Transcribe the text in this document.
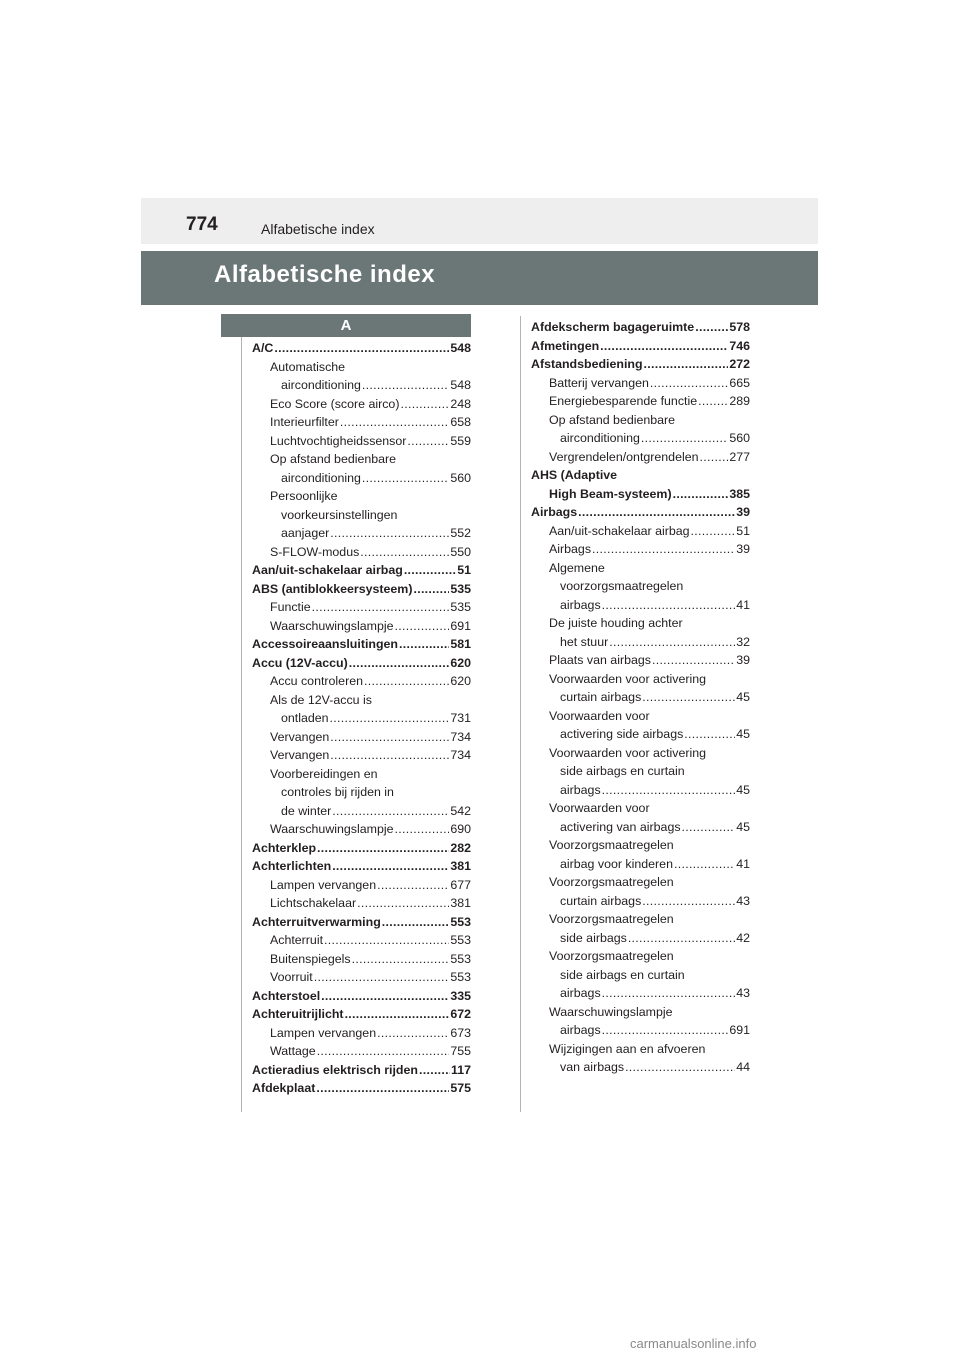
774	Alfabetische index
Alfabetische index
A
A/C .....	548
Automatische
airconditioning .....	548
Eco Score (score airco) .....	248
Interieurfilter .....	658
Luchtvochtigheidssensor .....	559
Op afstand bedienbare
airconditioning .....	560
Persoonlijke
voorkeursinstellingen
aanjager .....	552
S-FLOW-modus .....	550
Aan/uit-schakelaar airbag .....	51
ABS (antiblokkeersysteem) .....	535
Functie .....	535
Waarschuwingslampje .....	691
Accessoireaansluitingen .....	581
Accu (12V-accu) .....	620
Accu controleren .....	620
Als de 12V-accu is
ontladen .....	731
Vervangen .....	734
Vervangen .....	734
Voorbereidingen en
controles bij rijden in
de winter .....	542
Waarschuwingslampje .....	690
Achterklep .....	282
Achterlichten .....	381
Lampen vervangen .....	677
Lichtschakelaar .....	381
Achterruitverwarming .....	553
Achterruit .....	553
Buitenspiegels .....	553
Voorruit .....	553
Achterstoel .....	335
Achteruitrijlicht .....	672
Lampen vervangen .....	673
Wattage .....	755
Actieradius elektrisch rijden .....	117
Afdekplaat .....	575
Afdekscherm bagageruimte .....	578
Afmetingen .....	746
Afstandsbediening .....	272
Batterij vervangen .....	665
Energiebesparende functie .....	289
Op afstand bedienbare
airconditioning .....	560
Vergrendelen/ontgrendelen ..... 277
AHS (Adaptive
High Beam-systeem) .....	385
Airbags .....	39
Aan/uit-schakelaar airbag .....	51
Airbags .....	39
Algemene
voorzorgsmaatregelen
airbags .....	41
De juiste houding achter
het stuur .....	32
Plaats van airbags .....	39
Voorwaarden voor activering
curtain airbags .....	45
Voorwaarden voor
activering side airbags .....	45
Voorwaarden voor activering
side airbags en curtain
airbags .....	45
Voorwaarden voor
activering van airbags .....	45
Voorzorgsmaatregelen
airbag voor kinderen .....	41
Voorzorgsmaatregelen
curtain airbags .....	43
Voorzorgsmaatregelen
side airbags .....	42
Voorzorgsmaatregelen
side airbags en curtain
airbags .....	43
Waarschuwingslampje
airbags .....	691
Wijzigingen aan en afvoeren
van airbags .....	44
carmanualsonline.info
